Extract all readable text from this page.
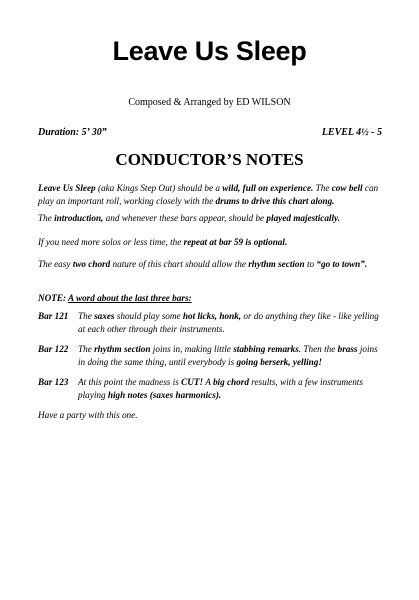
Leave Us Sleep

Composed & Arranged by ED WILSON

Duration: 5’ 30”	LEVEL 4½ - 5
CONDUCTOR’S NOTES

Leave Us Sleep (aka Kings Step Out) should be a wild, full on experience. The cow bell can play an important roll, working closely with the drums to drive this chart along.

The introduction, and whenever these bars appear, should be played majestically.

If you need more solos or less time, the repeat at bar 59 is optional.

The easy two chord nature of this chart should allow the rhythm section to “go to town”.

NOTE: A word about the last three bars:

Bar 121 The saxes should play some hot licks, honk, or do anything they like - like yelling at each other through their instruments.
Bar 122 The rhythm section joins in, making little stabbing remarks. Then the brass joins in doing the same thing, until everybody is going berserk, yelling!
Bar 123 At this point the madness is CUT! A big chord results, with a few instruments playing high notes (saxes harmonics).

Have a party with this one.
